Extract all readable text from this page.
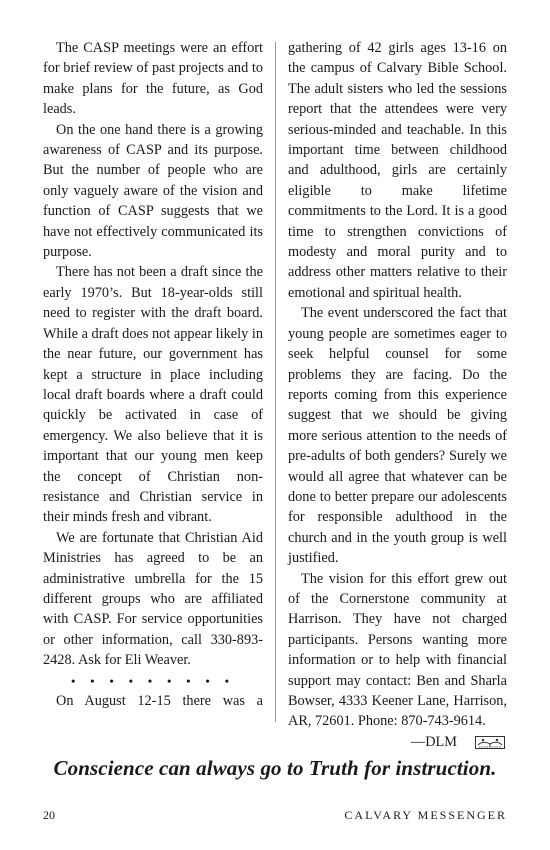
The CASP meetings were an effort for brief review of past projects and to make plans for the future, as God leads.

On the one hand there is a growing awareness of CASP and its purpose. But the number of people who are only vaguely aware of the vision and function of CASP suggests that we have not effectively communicated its purpose.

There has not been a draft since the early 1970’s. But 18-year-olds still need to register with the draft board. While a draft does not appear likely in the near future, our government has kept a structure in place including local draft boards where a draft could quickly be activated in case of emergency. We also believe that it is important that our young men keep the concept of Christian non-resistance and Christian service in their minds fresh and vibrant.

We are fortunate that Christian Aid Ministries has agreed to be an administrative umbrella for the 15 different groups who are affiliated with CASP. For service opportunities or other information, call 330-893-2428. Ask for Eli Weaver.

• • • • • • • • •

On August 12-15 there was a

gathering of 42 girls ages 13-16 on the campus of Calvary Bible School. The adult sisters who led the sessions report that the attendees were very serious-minded and teachable. In this important time between childhood and adulthood, girls are certainly eligible to make lifetime commitments to the Lord. It is a good time to strengthen convictions of modesty and moral purity and to address other matters relative to their emotional and spiritual health.

The event underscored the fact that young people are sometimes eager to seek helpful counsel for some problems they are facing. Do the reports coming from this experience suggest that we should be giving more serious attention to the needs of pre-adults of both genders? Surely we would all agree that whatever can be done to better prepare our adolescents for responsible adulthood in the church and in the youth group is well justified.

The vision for this effort grew out of the Cornerstone community at Harrison. They have not charged participants. Persons wanting more information or to help with financial support may contact: Ben and Sharla Bowser, 4333 Keener Lane, Harrison, AR, 72601. Phone: 870-743-9614.

—DLM
Conscience can always go to Truth for instruction.
20	CALVARY MESSENGER
